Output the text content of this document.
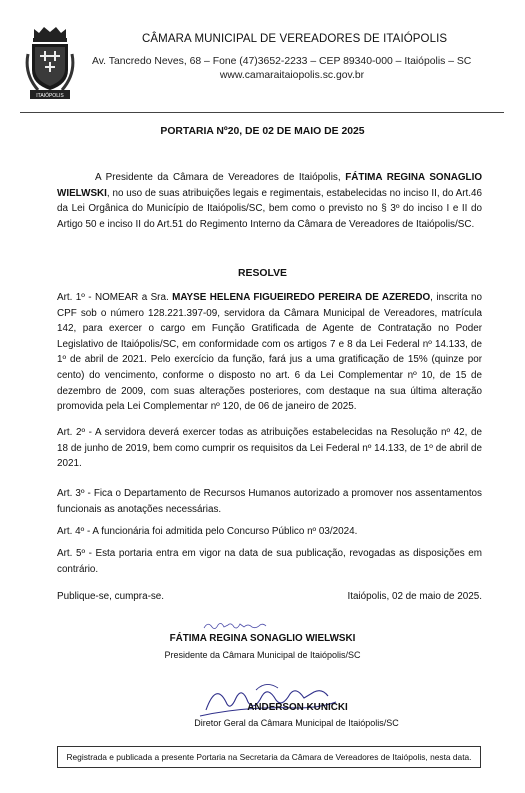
ITAIÓPOLIS
CÂMARA MUNICIPAL DE VEREADORES DE ITAIÓPOLIS
Av. Tancredo Neves, 68 – Fone (47)3652-2233 – CEP 89340-000 – Itaiópolis – SC
www.camaraitaiopolis.sc.gov.br
PORTARIA Nº20, DE 02 DE MAIO DE 2025

A Presidente da Câmara de Vereadores de Itaiópolis, FÁTIMA REGINA SONAGLIO WIELWSKI, no uso de suas atribuições legais e regimentais, estabelecidas no inciso II, do Art.46 da Lei Orgânica do Município de Itaiópolis/SC, bem como o previsto no § 3º do inciso I e II do Artigo 50 e inciso II do Art.51 do Regimento Interno da Câmara de Vereadores de Itaiópolis/SC.

RESOLVE

Art. 1º - NOMEAR a Sra. MAYSE HELENA FIGUEIREDO PEREIRA DE AZEREDO, inscrita no CPF sob o número 128.221.397-09, servidora da Câmara Municipal de Vereadores, matrícula 142, para exercer o cargo em Função Gratificada de Agente de Contratação no Poder Legislativo de Itaiópolis/SC, em conformidade com os artigos 7 e 8 da Lei Federal nº 14.133, de 1º de abril de 2021. Pelo exercício da função, fará jus a uma gratificação de 15% (quinze por cento) do vencimento, conforme o disposto no art. 6 da Lei Complementar nº 10, de 15 de dezembro de 2009, com suas alterações posteriores, com destaque na sua última alteração promovida pela Lei Complementar nº 120, de 06 de janeiro de 2025.

Art. 2º - A servidora deverá exercer todas as atribuições estabelecidas na Resolução nº 42, de 18 de junho de 2019, bem como cumprir os requisitos da Lei Federal nº 14.133, de 1º de abril de 2021.

Art. 3º - Fica o Departamento de Recursos Humanos autorizado a promover nos assentamentos funcionais as anotações necessárias.

Art. 4º - A funcionária foi admitida pelo Concurso Público nº 03/2024.

Art. 5º - Esta portaria entra em vigor na data de sua publicação, revogadas as disposições em contrário.

Publique-se, cumpra-se.	Itaiópolis, 02 de maio de 2025.
FÁTIMA REGINA SONAGLIO WIELWSKI
Presidente da Câmara Municipal de Itaiópolis/SC
ANDERSON KUNICKI
Diretor Geral da Câmara Municipal de Itaiópolis/SC
Registrada e publicada a presente Portaria na Secretaria da Câmara de Vereadores de Itaiópolis, nesta data.
